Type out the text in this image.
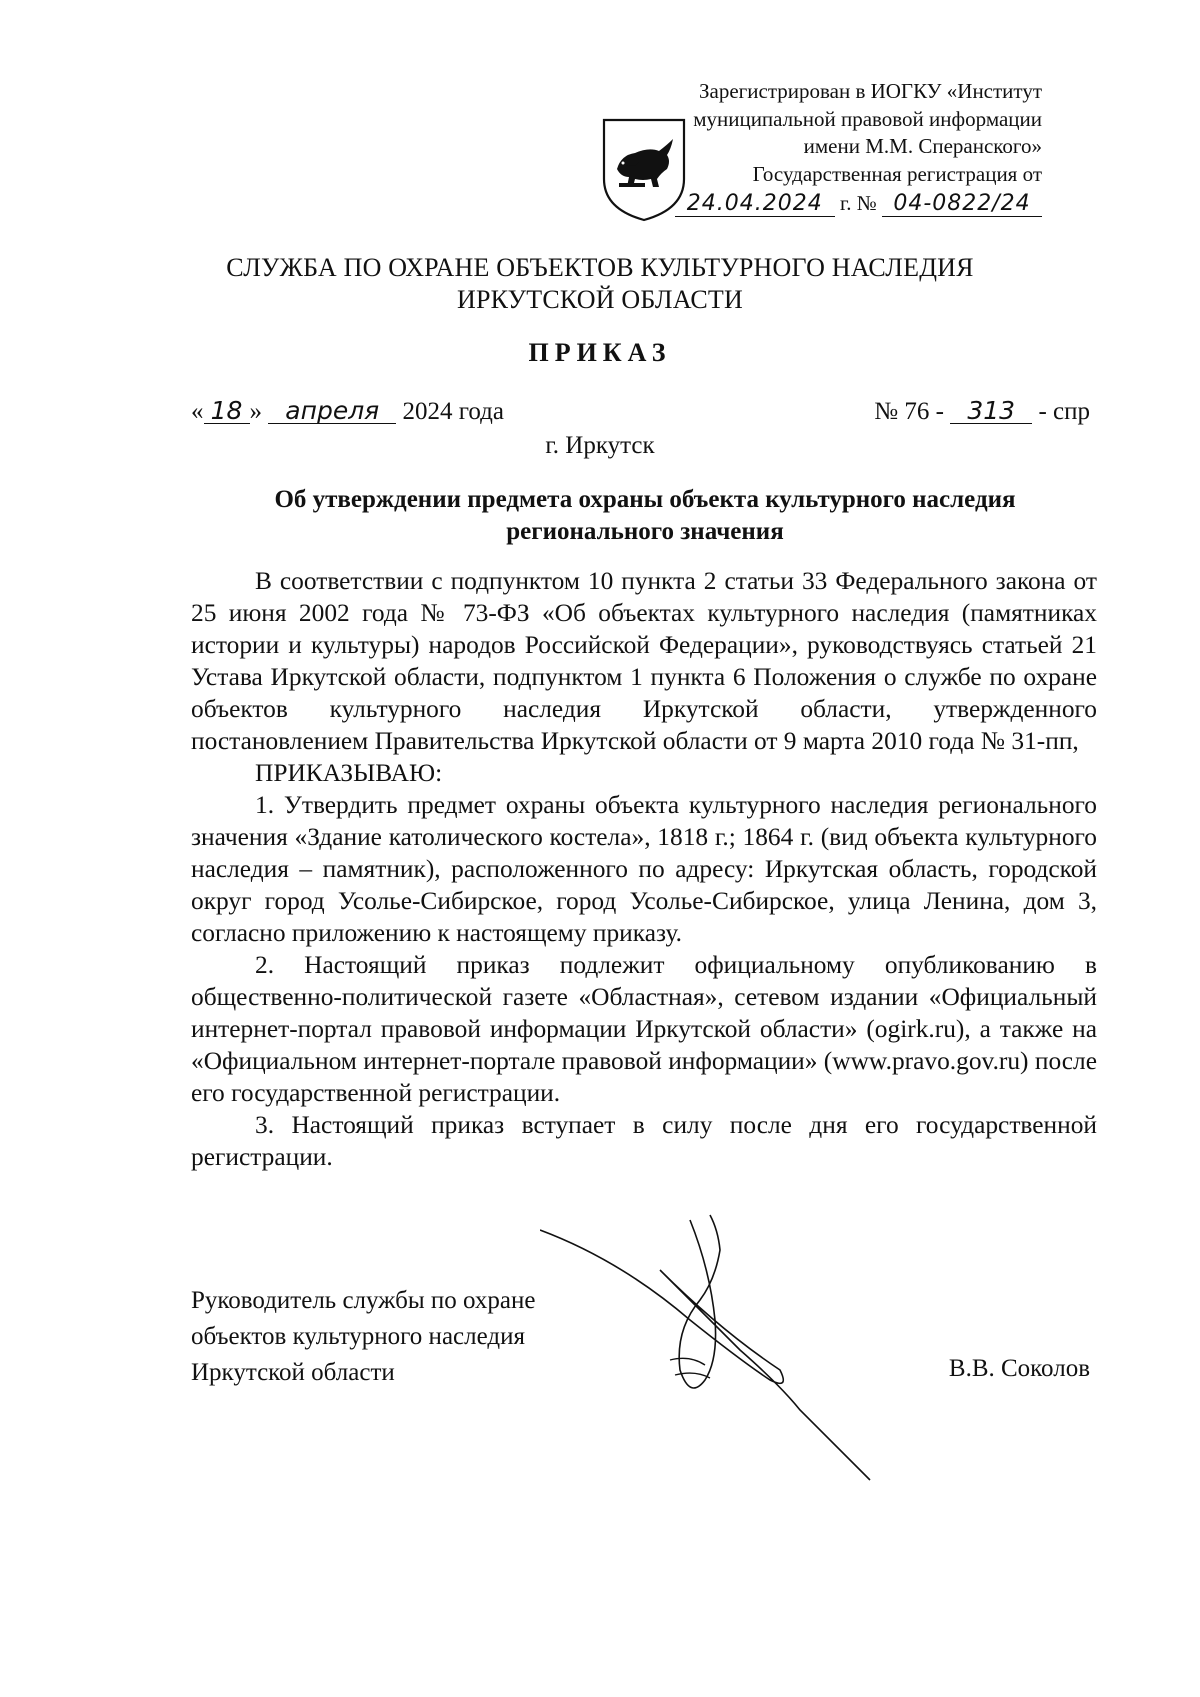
Зарегистрирован в ИОГКУ «Институт
муниципальной правовой информации
имени М.М. Сперанского»
Государственная регистрация от
24.04.2024 г. № 04-0822/24
СЛУЖБА ПО ОХРАНЕ ОБЪЕКТОВ КУЛЬТУРНОГО НАСЛЕДИЯ
ИРКУТСКОЙ ОБЛАСТИ
ПРИКАЗ
« 18 » апреля 2024 года	№ 76 - 313 - спр
г. Иркутск
Об утверждении предмета охраны объекта культурного наследия
регионального значения

В соответствии с подпунктом 10 пункта 2 статьи 33 Федерального закона от 25 июня 2002 года № 73-ФЗ «Об объектах культурного наследия (памятниках истории и культуры) народов Российской Федерации», руководствуясь статьей 21 Устава Иркутской области, подпунктом 1 пункта 6 Положения о службе по охране объектов культурного наследия Иркутской области, утвержденного постановлением Правительства Иркутской области от 9 марта 2010 года № 31-пп,

ПРИКАЗЫВАЮ:

1. Утвердить предмет охраны объекта культурного наследия регионального значения «Здание католического костела», 1818 г.; 1864 г. (вид объекта культурного наследия – памятник), расположенного по адресу: Иркутская область, городской округ город Усолье-Сибирское, город Усолье-Сибирское, улица Ленина, дом 3, согласно приложению к настоящему приказу.

2. Настоящий приказ подлежит официальному опубликованию в общественно-политической газете «Областная», сетевом издании «Официальный интернет-портал правовой информации Иркутской области» (ogirk.ru), а также на «Официальном интернет-портале правовой информации» (www.pravo.gov.ru) после его государственной регистрации.

3. Настоящий приказ вступает в силу после дня его государственной регистрации.

Руководитель службы по охране
объектов культурного наследия
Иркутской области	В.В. Соколов
